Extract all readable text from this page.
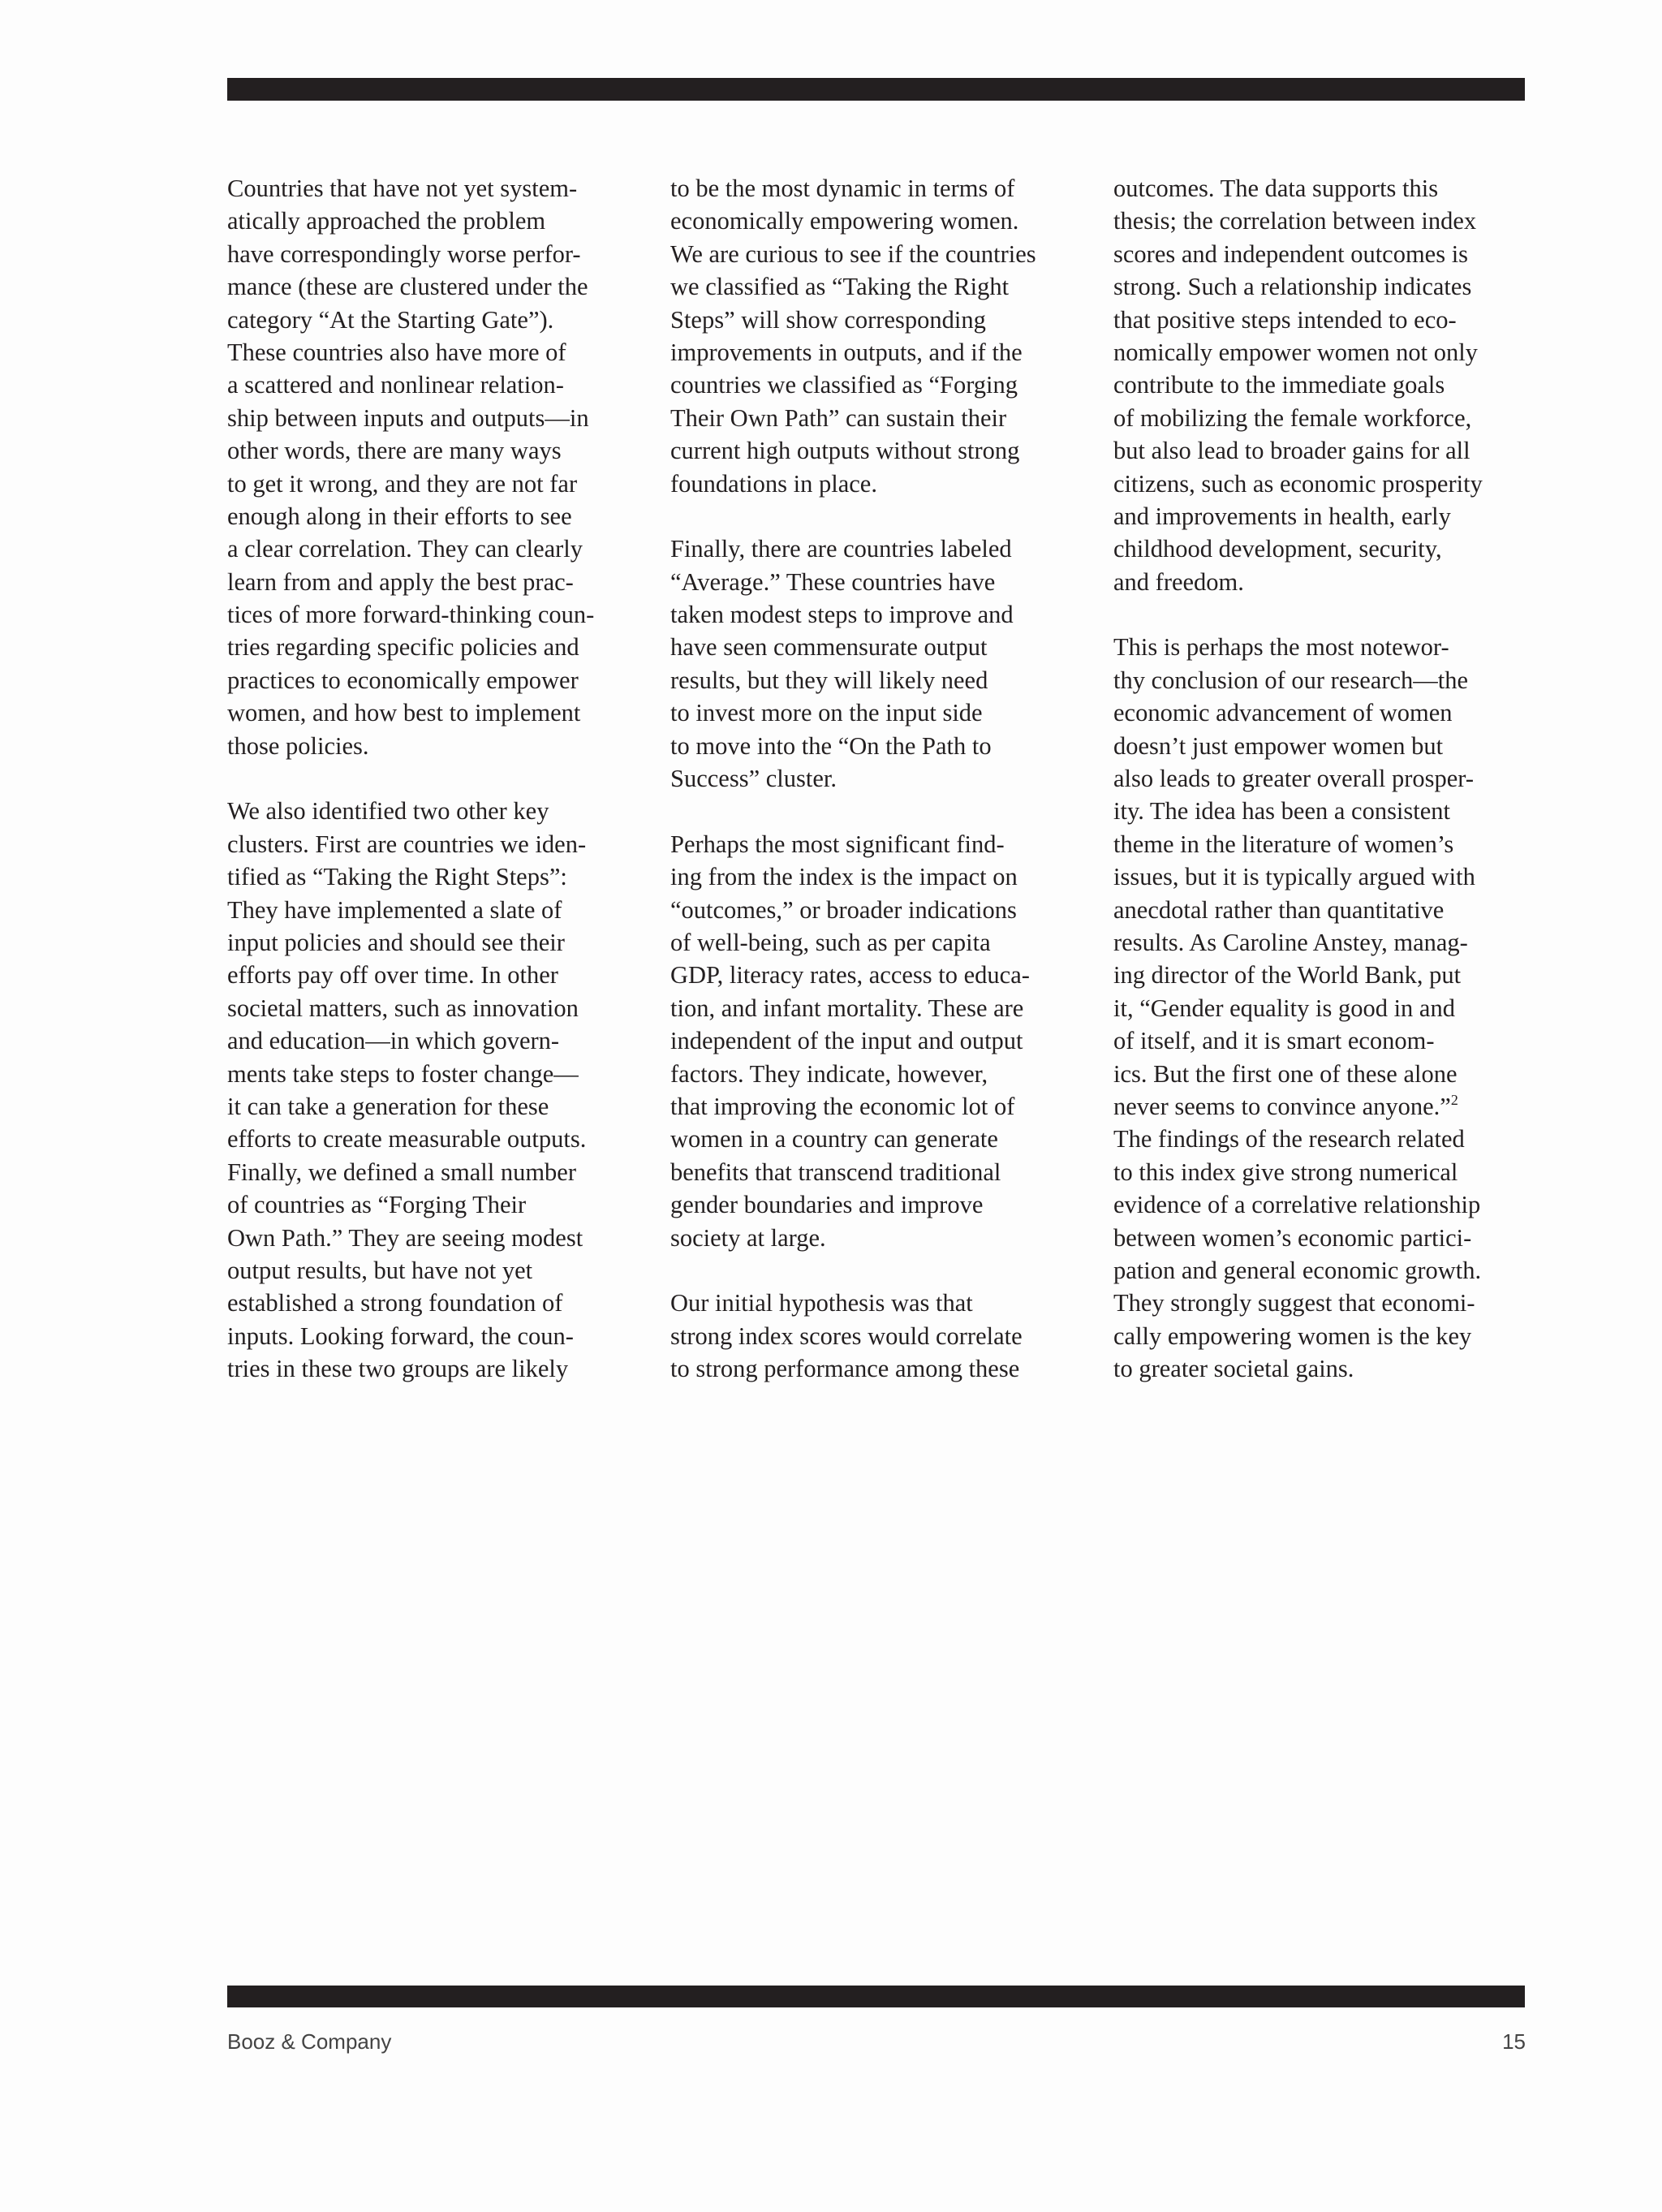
Countries that have not yet system-
atically approached the problem
have correspondingly worse perfor-
mance (these are clustered under the
category “At the Starting Gate”).
These countries also have more of
a scattered and nonlinear relation-
ship between inputs and outputs—in
other words, there are many ways
to get it wrong, and they are not far
enough along in their efforts to see
a clear correlation. They can clearly
learn from and apply the best prac-
tices of more forward-thinking coun-
tries regarding specific policies and
practices to economically empower
women, and how best to implement
those policies.
We also identified two other key
clusters. First are countries we iden-
tified as “Taking the Right Steps”:
They have implemented a slate of
input policies and should see their
efforts pay off over time. In other
societal matters, such as innovation
and education—in which govern-
ments take steps to foster change—
it can take a generation for these
efforts to create measurable outputs.
Finally, we defined a small number
of countries as “Forging Their
Own Path.” They are seeing modest
output results, but have not yet
established a strong foundation of
inputs. Looking forward, the coun-
tries in these two groups are likely
to be the most dynamic in terms of
economically empowering women.
We are curious to see if the countries
we classified as “Taking the Right
Steps” will show corresponding
improvements in outputs, and if the
countries we classified as “Forging
Their Own Path” can sustain their
current high outputs without strong
foundations in place.
Finally, there are countries labeled
“Average.” These countries have
taken modest steps to improve and
have seen commensurate output
results, but they will likely need
to invest more on the input side
to move into the “On the Path to
Success” cluster.
Perhaps the most significant find-
ing from the index is the impact on
“outcomes,” or broader indications
of well-being, such as per capita
GDP, literacy rates, access to educa-
tion, and infant mortality. These are
independent of the input and output
factors. They indicate, however,
that improving the economic lot of
women in a country can generate
benefits that transcend traditional
gender boundaries and improve
society at large.
Our initial hypothesis was that
strong index scores would correlate
to strong performance among these
outcomes. The data supports this
thesis; the correlation between index
scores and independent outcomes is
strong. Such a relationship indicates
that positive steps intended to eco-
nomically empower women not only
contribute to the immediate goals
of mobilizing the female workforce,
but also lead to broader gains for all
citizens, such as economic prosperity
and improvements in health, early
childhood development, security,
and freedom.
This is perhaps the most notewor-
thy conclusion of our research—the
economic advancement of women
doesn’t just empower women but
also leads to greater overall prosper-
ity. The idea has been a consistent
theme in the literature of women’s
issues, but it is typically argued with
anecdotal rather than quantitative
results. As Caroline Anstey, manag-
ing director of the World Bank, put
it, “Gender equality is good in and
of itself, and it is smart econom-
ics. But the first one of these alone
never seems to convince anyone.”$^2$
The findings of the research related
to this index give strong numerical
evidence of a correlative relationship
between women’s economic partici-
pation and general economic growth.
They strongly suggest that economi-
cally empowering women is the key
to greater societal gains.
Booz & Company	15
